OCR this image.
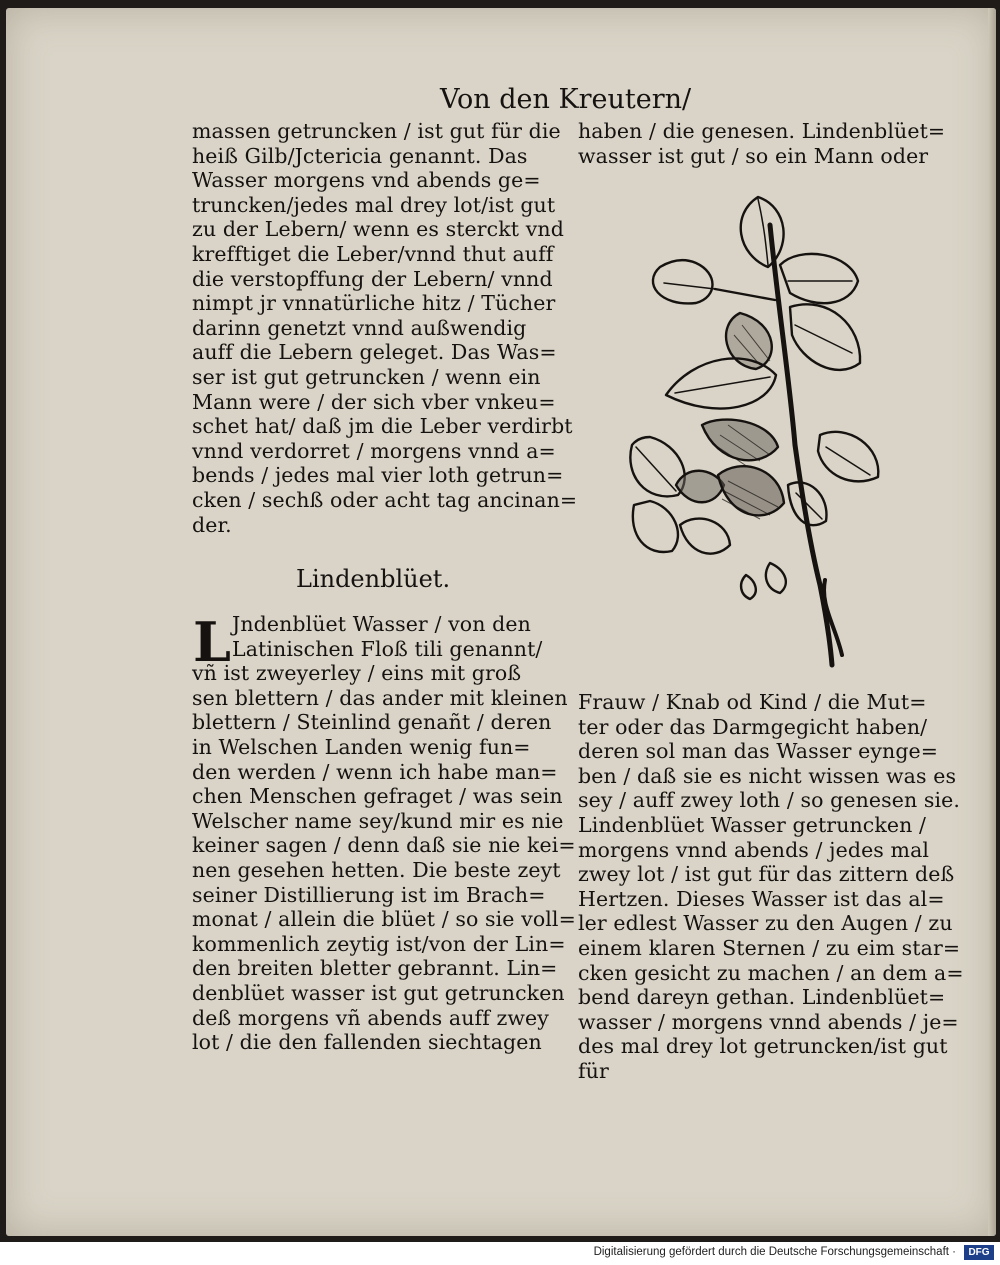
Von den Kreutern/
massen getruncken / ist gut für die
heiß Gilb/Jctericia genannt. Das
Wasser morgens vnd abends ge=
truncken/jedes mal drey lot/ist gut
zu der Lebern/ wenn es sterckt vnd
krefftiget die Leber/vnnd thut auff
die verstopffung der Lebern/ vnnd
nimpt jr vnnatürliche hitz / Tücher
darinn genetzt vnnd außwendig
auff die Lebern geleget. Das Was=
ser ist gut getruncken / wenn ein
Mann were / der sich vber vnkeu=
schet hat/ daß jm die Leber verdirbt
vnnd verdorret / morgens vnnd a=
bends / jedes mal vier loth getrun=
cken / sechß oder acht tag ancinan=
der.
Lindenblüet.
L Jndenblüet Wasser / von den
Latinischen Floß tili genannt/
vñ ist zweyerley / eins mit groß
sen blettern / das ander mit kleinen
blettern / Steinlind genañt / deren
in Welschen Landen wenig fun=
den werden / wenn ich habe man=
chen Menschen gefraget / was sein
Welscher name sey/kund mir es nie
keiner sagen / denn daß sie nie kei=
nen gesehen hetten. Die beste zeyt
seiner Distillierung ist im Brach=
monat / allein die blüet / so sie voll=
kommenlich zeytig ist/von der Lin=
den breiten bletter gebrannt. Lin=
denblüet wasser ist gut getruncken
deß morgens vñ abends auff zwey
lot / die den fallenden siechtagen
haben / die genesen. Lindenblüet=
wasser ist gut / so ein Mann oder
Frauw / Knab od Kind / die Mut=
ter oder das Darmgegicht haben/
deren sol man das Wasser eynge=
ben / daß sie es nicht wissen was es
sey / auff zwey loth / so genesen sie.
Lindenblüet Wasser getruncken /
morgens vnnd abends / jedes mal
zwey lot / ist gut für das zittern deß
Hertzen. Dieses Wasser ist das al=
ler edlest Wasser zu den Augen / zu
einem klaren Sternen / zu eim star=
cken gesicht zu machen / an dem a=
bend dareyn gethan. Lindenblüet=
wasser / morgens vnnd abends / je=
des mal drey lot getruncken/ist gut
für
Digitalisierung gefördert durch die Deutsche Forschungsgemeinschaft ·	DFG
